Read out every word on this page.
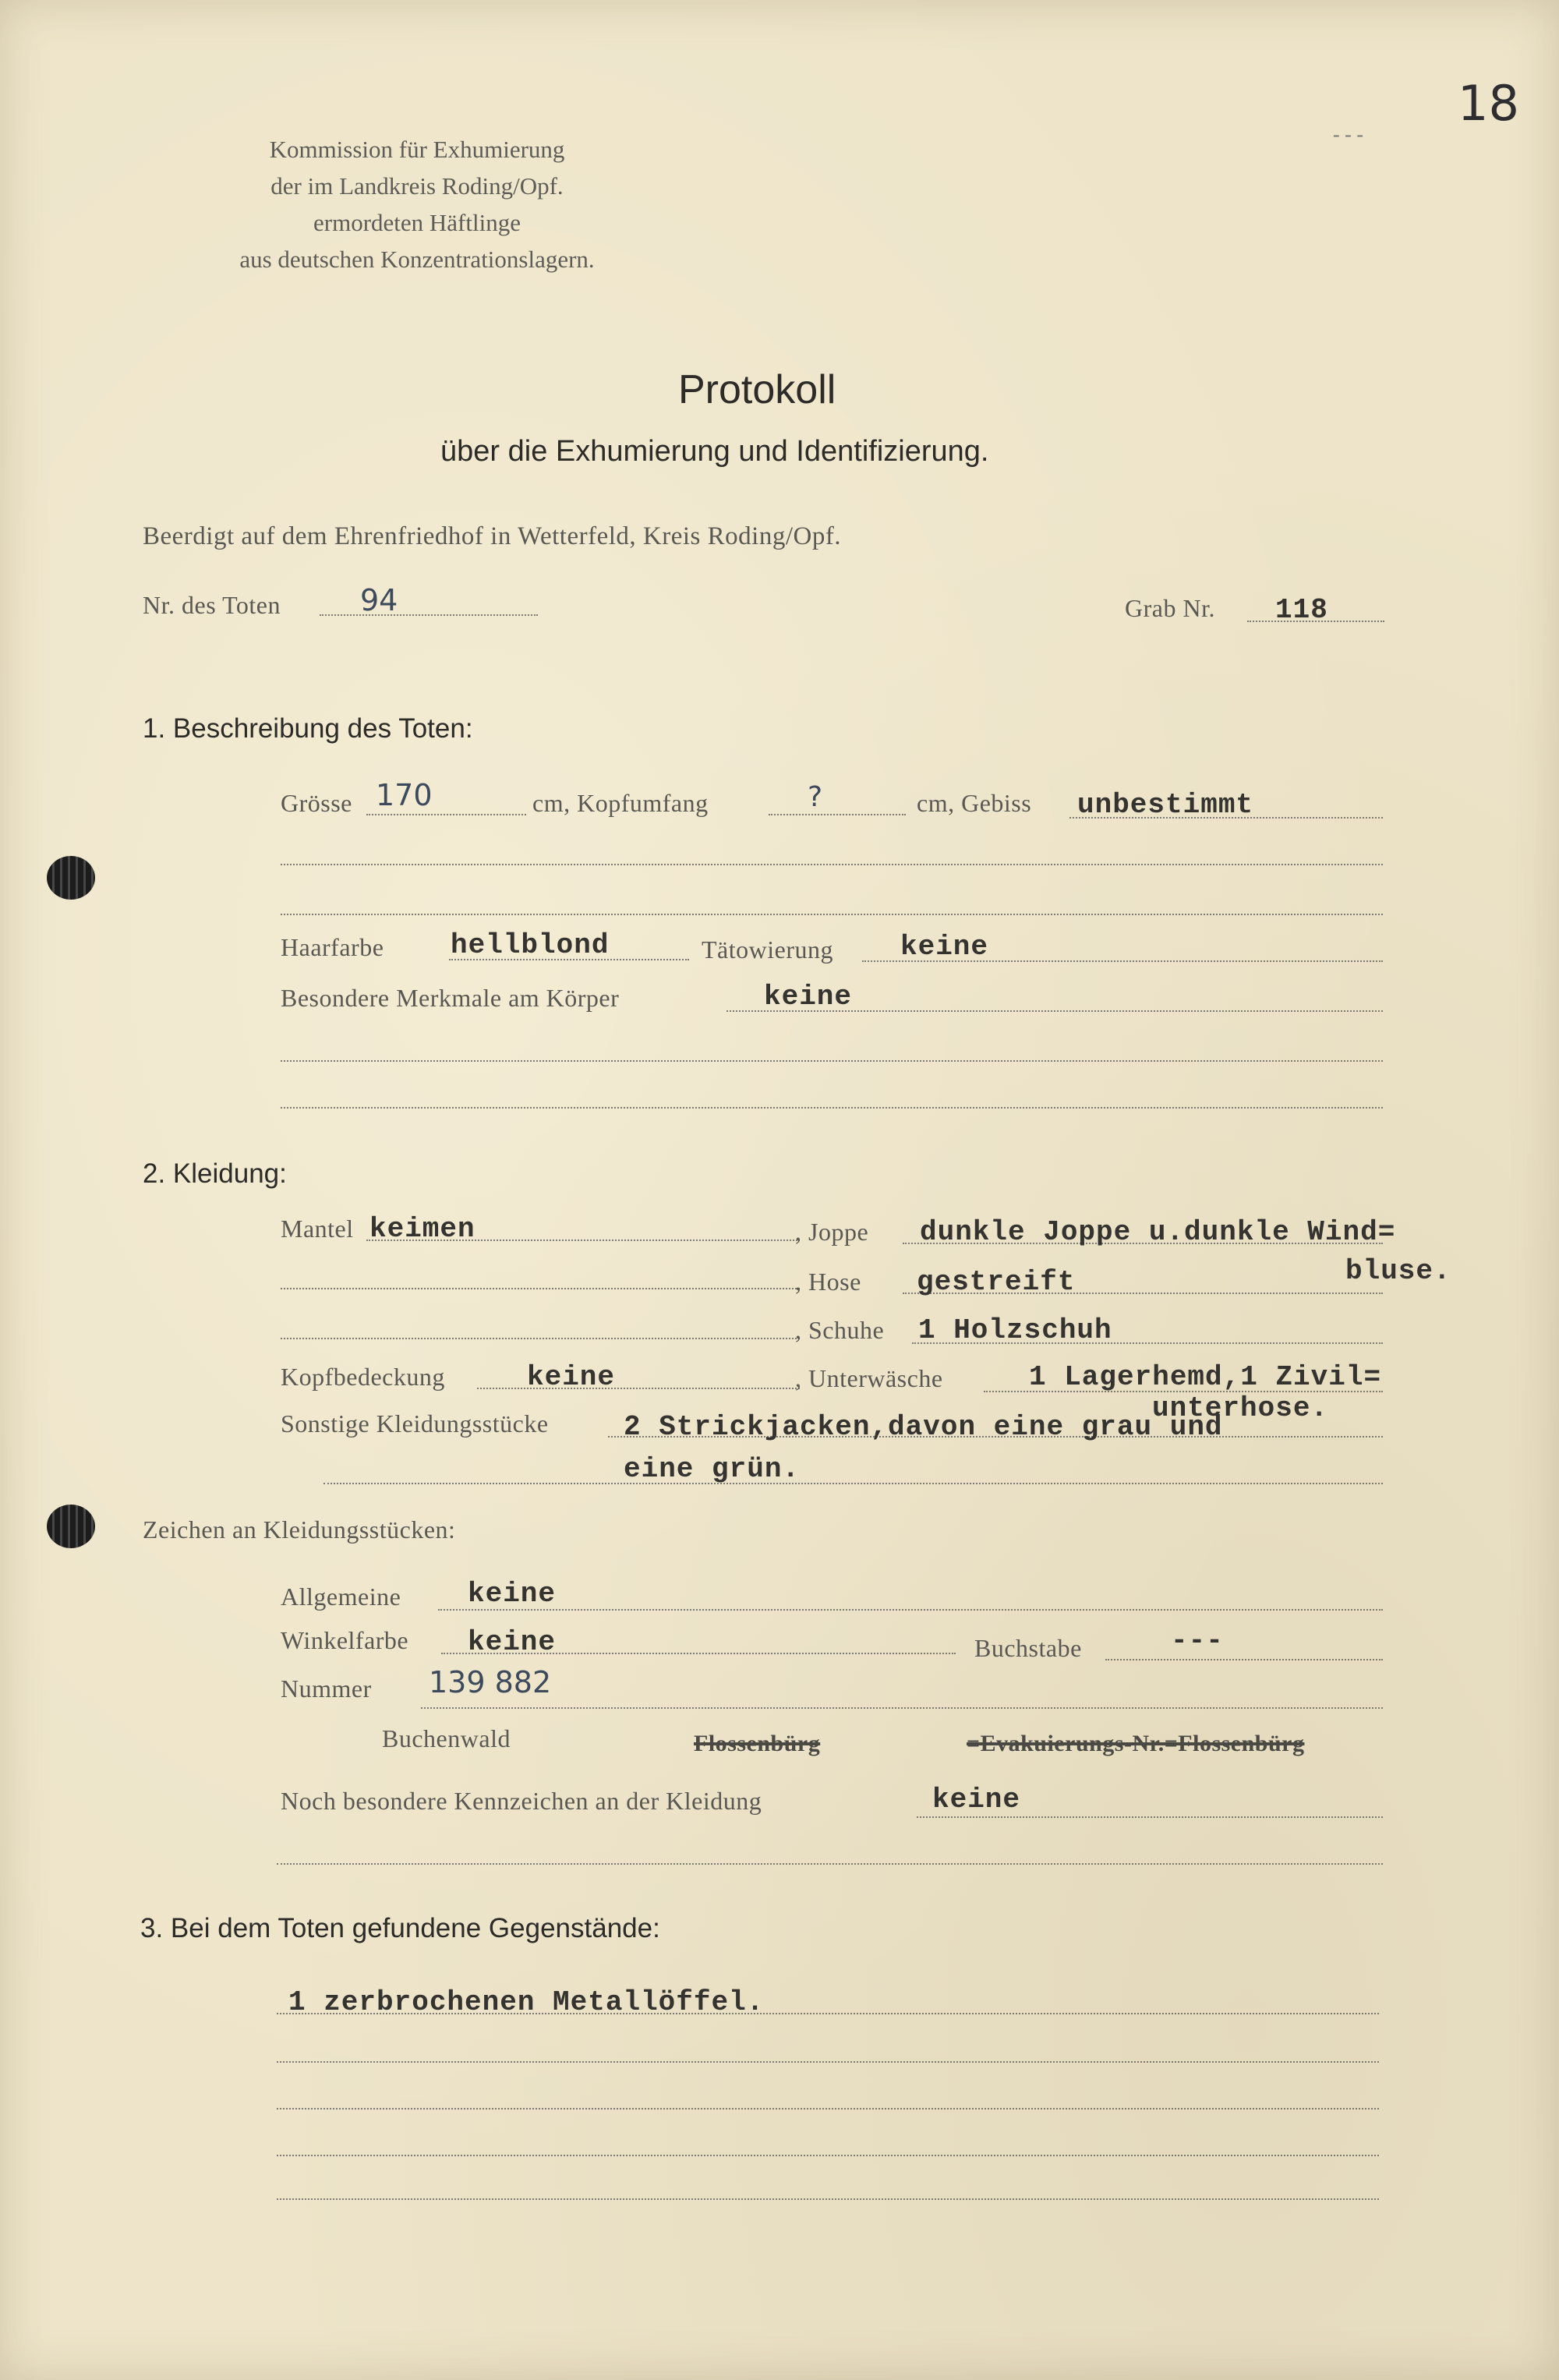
18
- - -
Kommission für Exhumierung
der im Landkreis Roding/Opf.
ermordeten Häftlinge
aus deutschen Konzentrationslagern.
Protokoll
über die Exhumierung und Identifizierung.
Beerdigt auf dem Ehrenfriedhof in Wetterfeld, Kreis Roding/Opf.
Nr. des Toten	94	Grab Nr. 118
1. Beschreibung des Toten:
Grösse 170	cm, Kopfumfang	?	cm, Gebiss unbestimmt
Haarfarbe hellblond	Tätowierung keine
Besondere Merkmale am Körper	keine
2. Kleidung:
Mantel keimen	, Joppe dunkle Joppe u.dunkle Wind=
bluse.
, Hose gestreift
, Schuhe 1 Holzschuh
Kopfbedeckung	keine	, Unterwäsche	1 Lagerhemd,1 Zivil=
unterhose.
Sonstige Kleidungsstücke	2 Strickjacken,davon eine grau und
eine grün.
Zeichen an Kleidungsstücken:
Allgemeine keine
Winkelfarbe keine	Buchstabe	---
Nummer 139 882
Buchenwald	Flossenbürg	=Evakuierungs-Nr.=Flossenbürg
Noch besondere Kennzeichen an der Kleidung	keine
3. Bei dem Toten gefundene Gegenstände:
1 zerbrochenen Metallöffel.
